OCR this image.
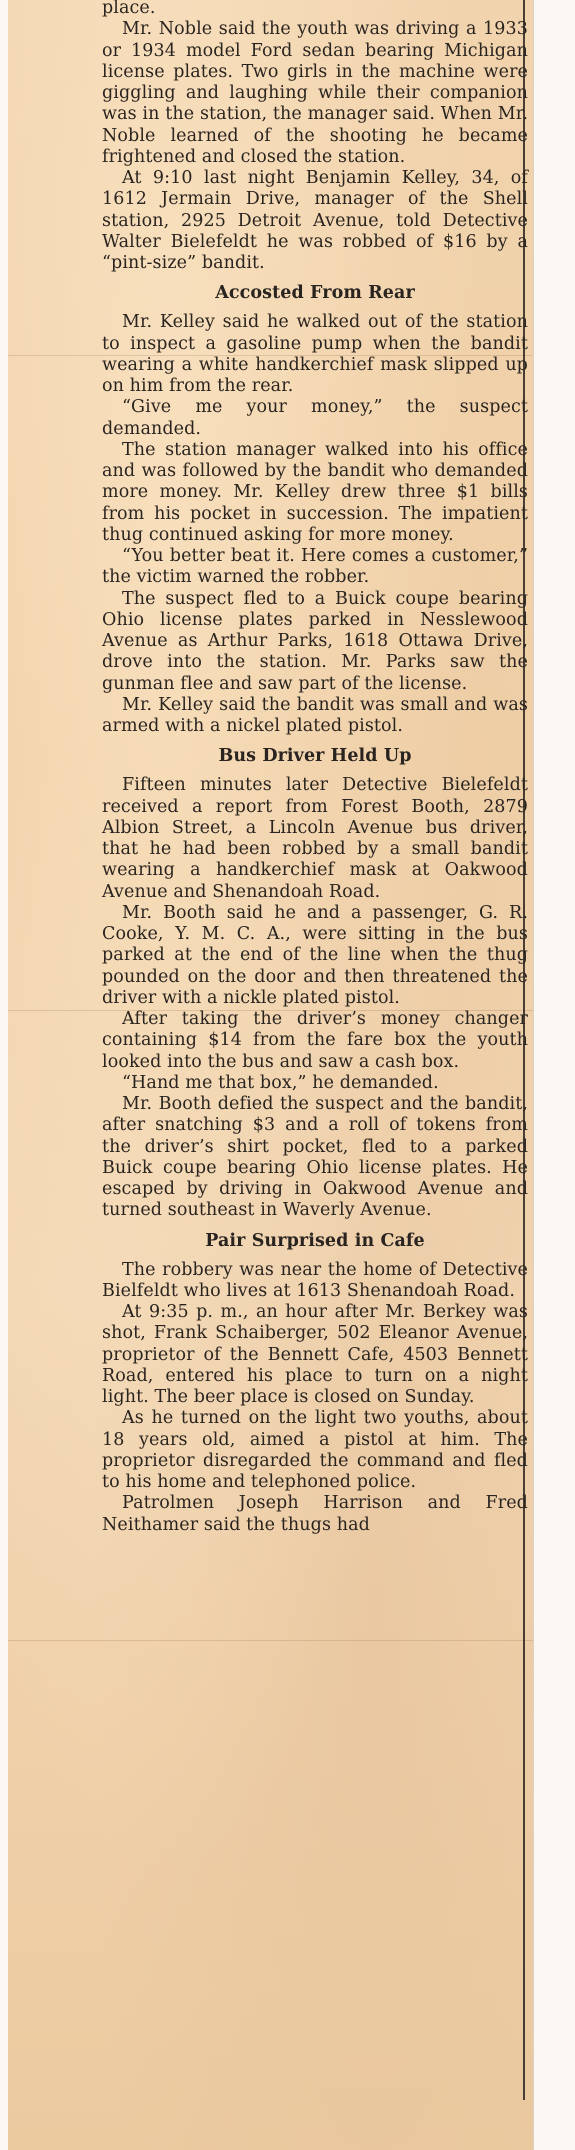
place.

Mr. Noble said the youth was driving a 1933 or 1934 model Ford sedan bearing Michigan license plates. Two girls in the machine were giggling and laughing while their companion was in the station, the manager said. When Mr. Noble learned of the shooting he became frightened and closed the station.

At 9:10 last night Benjamin Kelley, 34, of 1612 Jermain Drive, manager of the Shell station, 2925 Detroit Avenue, told Detective Walter Bielefeldt he was robbed of $16 by a “pint-size” bandit.

Accosted From Rear

Mr. Kelley said he walked out of the station to inspect a gasoline pump when the bandit wearing a white handkerchief mask slipped up on him from the rear.

“Give me your money,” the suspect demanded.

The station manager walked into his office and was followed by the bandit who demanded more money. Mr. Kelley drew three $1 bills from his pocket in succession. The impatient thug continued asking for more money.

“You better beat it. Here comes a customer,” the victim warned the robber.

The suspect fled to a Buick coupe bearing Ohio license plates parked in Nesslewood Avenue as Arthur Parks, 1618 Ottawa Drive, drove into the station. Mr. Parks saw the gunman flee and saw part of the license.

Mr. Kelley said the bandit was small and was armed with a nickel plated pistol.

Bus Driver Held Up

Fifteen minutes later Detective Bielefeldt received a report from Forest Booth, 2879 Albion Street, a Lincoln Avenue bus driver, that he had been robbed by a small bandit wearing a handkerchief mask at Oakwood Avenue and Shenandoah Road.

Mr. Booth said he and a passenger, G. R. Cooke, Y. M. C. A., were sitting in the bus parked at the end of the line when the thug pounded on the door and then threatened the driver with a nickle plated pistol.

After taking the driver’s money changer containing $14 from the fare box the youth looked into the bus and saw a cash box.

“Hand me that box,” he demanded.

Mr. Booth defied the suspect and the bandit, after snatching $3 and a roll of tokens from the driver’s shirt pocket, fled to a parked Buick coupe bearing Ohio license plates. He escaped by driving in Oakwood Avenue and turned southeast in Waverly Avenue.

Pair Surprised in Cafe

The robbery was near the home of Detective Bielfeldt who lives at 1613 Shenandoah Road.

At 9:35 p. m., an hour after Mr. Berkey was shot, Frank Schaiberger, 502 Eleanor Avenue, proprietor of the Bennett Cafe, 4503 Bennett Road, entered his place to turn on a night light. The beer place is closed on Sunday.

As he turned on the light two youths, about 18 years old, aimed a pistol at him. The proprietor disregarded the command and fled to his home and telephoned police.

Patrolmen Joseph Harrison and Fred Neithamer said the thugs had
